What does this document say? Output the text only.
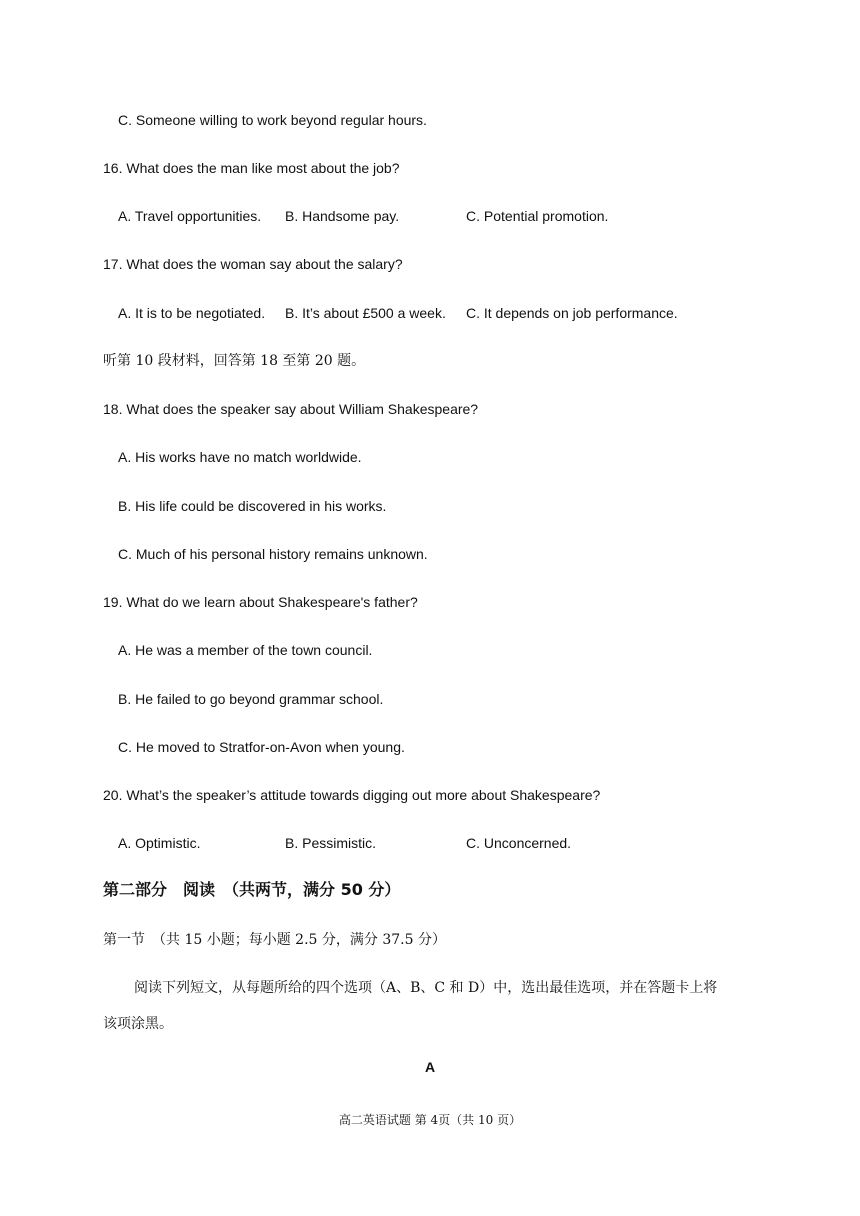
C. Someone willing to work beyond regular hours.
16. What does the man like most about the job?
A. Travel opportunities. B. Handsome pay.	C. Potential promotion.
17. What does the woman say about the salary?
A. It is to be negotiated. B. It’s about £500 a week. C. It depends on job performance.
听第 10 段材料，回答第 18 至第 20 题。
18. What does the speaker say about William Shakespeare?
A. His works have no match worldwide.
B. His life could be discovered in his works.
C. Much of his personal history remains unknown.
19. What do we learn about Shakespeare's father?
A. He was a member of the town council.
B. He failed to go beyond grammar school.
C. He moved to Stratfor-on-Avon when young.
20. What’s the speaker’s attitude towards digging out more about Shakespeare?
A. Optimistic.	B. Pessimistic.	C. Unconcerned.
第二部分　阅读　（共两节，满分 50 分）
第一节　（共 15 小题；每小题 2.5 分，满分 37.5 分）
阅读下列短文，从每题所给的四个选项（A、B、C 和 D）中，选出最佳选项，并在答题卡上将
该项涂黑。
A
高二英语试题 第 4页（共 10 页）
